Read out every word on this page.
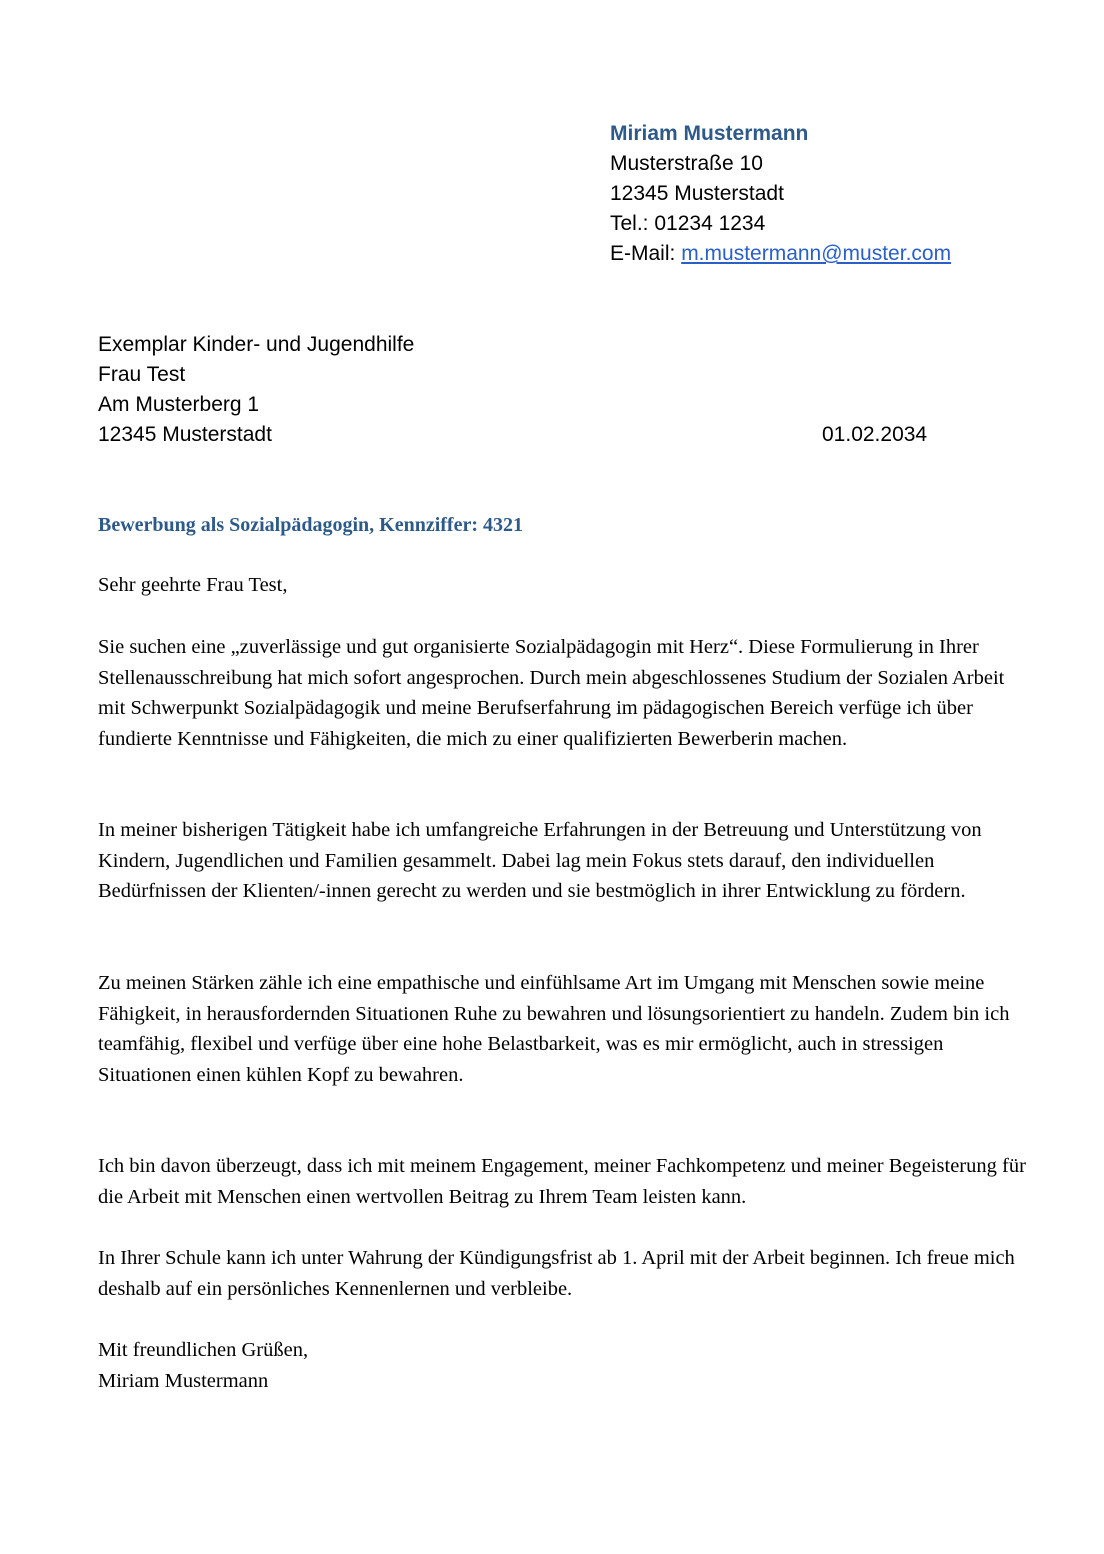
Miriam Mustermann
Musterstraße 10
12345 Musterstadt
Tel.: 01234 1234
E-Mail: m.mustermann@muster.com
Exemplar Kinder- und Jugendhilfe
Frau Test
Am Musterberg 1
12345 Musterstadt	01.02.2034
Bewerbung als Sozialpädagogin, Kennziffer: 4321
Sehr geehrte Frau Test,

Sie suchen eine „zuverlässige und gut organisierte Sozialpädagogin mit Herz“. Diese Formulierung in Ihrer Stellenausschreibung hat mich sofort angesprochen. Durch mein abgeschlossenes Studium der Sozialen Arbeit mit Schwerpunkt Sozialpädagogik und meine Berufserfahrung im pädagogischen Bereich verfüge ich über fundierte Kenntnisse und Fähigkeiten, die mich zu einer qualifizierten Bewerberin machen.

In meiner bisherigen Tätigkeit habe ich umfangreiche Erfahrungen in der Betreuung und Unterstützung von Kindern, Jugendlichen und Familien gesammelt. Dabei lag mein Fokus stets darauf, den individuellen Bedürfnissen der Klienten/-innen gerecht zu werden und sie bestmöglich in ihrer Entwicklung zu fördern.

Zu meinen Stärken zähle ich eine empathische und einfühlsame Art im Umgang mit Menschen sowie meine Fähigkeit, in herausfordernden Situationen Ruhe zu bewahren und lösungsorientiert zu handeln. Zudem bin ich teamfähig, flexibel und verfüge über eine hohe Belastbarkeit, was es mir ermöglicht, auch in stressigen Situationen einen kühlen Kopf zu bewahren.

Ich bin davon überzeugt, dass ich mit meinem Engagement, meiner Fachkompetenz und meiner Begeisterung für die Arbeit mit Menschen einen wertvollen Beitrag zu Ihrem Team leisten kann.

In Ihrer Schule kann ich unter Wahrung der Kündigungsfrist ab 1. April mit der Arbeit beginnen. Ich freue mich deshalb auf ein persönliches Kennenlernen und verbleibe.

Mit freundlichen Grüßen,
Miriam Mustermann
